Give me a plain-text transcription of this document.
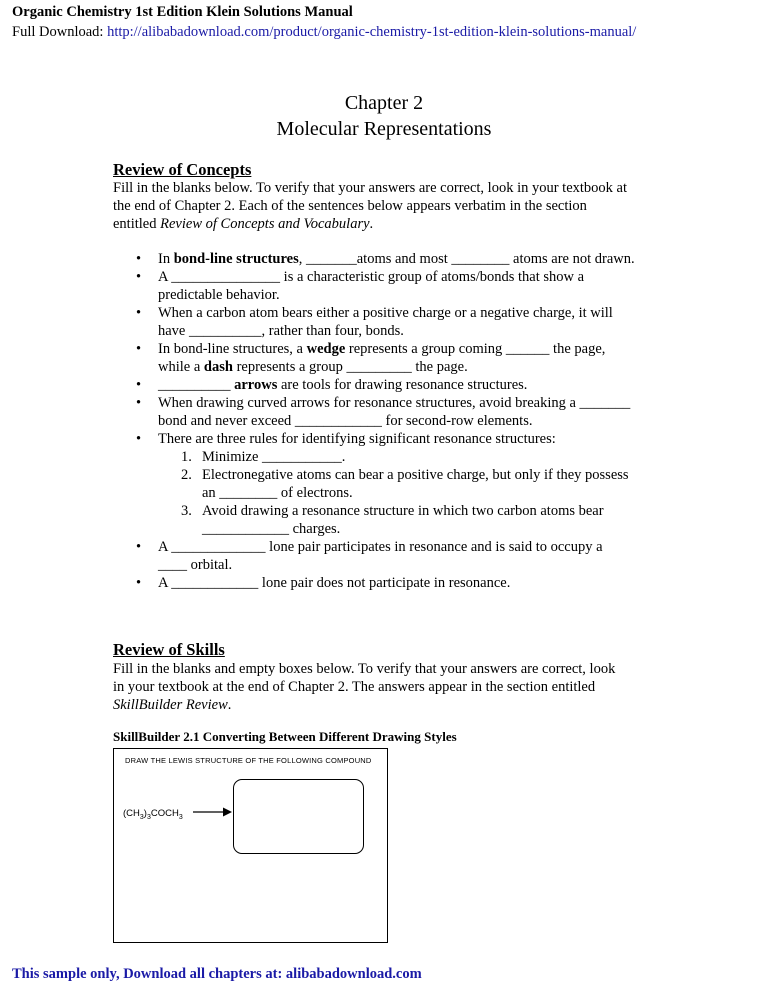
Organic Chemistry 1st Edition Klein Solutions Manual
Full Download: http://alibabadownload.com/product/organic-chemistry-1st-edition-klein-solutions-manual/
Chapter 2
Molecular Representations
Review of Concepts
Fill in the blanks below. To verify that your answers are correct, look in your textbook at
the end of Chapter 2. Each of the sentences below appears verbatim in the section
entitled Review of Concepts and Vocabulary.
• In bond-line structures, _______atoms and most ________ atoms are not drawn.
• A _______________ is a characteristic group of atoms/bonds that show a
predictable behavior.
• When a carbon atom bears either a positive charge or a negative charge, it will
have __________, rather than four, bonds.
• In bond-line structures, a wedge represents a group coming ______ the page,
while a dash represents a group _________ the page.
• __________ arrows are tools for drawing resonance structures.
• When drawing curved arrows for resonance structures, avoid breaking a _______
bond and never exceed ____________ for second-row elements.
• There are three rules for identifying significant resonance structures:
1. Minimize ___________.
2. Electronegative atoms can bear a positive charge, but only if they possess
an ________ of electrons.
3. Avoid drawing a resonance structure in which two carbon atoms bear
____________ charges.
• A _____________ lone pair participates in resonance and is said to occupy a
____ orbital.
• A ____________ lone pair does not participate in resonance.
Review of Skills
Fill in the blanks and empty boxes below. To verify that your answers are correct, look
in your textbook at the end of Chapter 2. The answers appear in the section entitled
SkillBuilder Review.
SkillBuilder 2.1 Converting Between Different Drawing Styles
DRAW THE LEWIS STRUCTURE OF THE FOLLOWING COMPOUND
$(CH_3)_3COCH_3$
This sample only, Download all chapters at: alibabadownload.com
